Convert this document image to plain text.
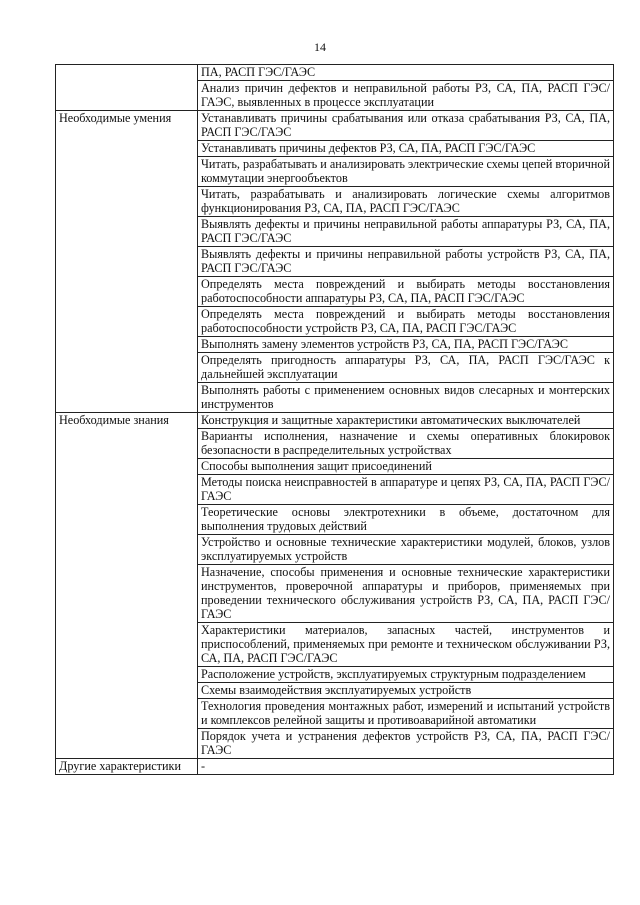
14
	ПА, РАСП ГЭС/ГАЭС
	Анализ причин дефектов и неправильной работы РЗ, СА, ПА, РАСП ГЭС/ГАЭС, выявленных в процессе эксплуатации
Необходимые умения	Устанавливать причины срабатывания или отказа срабатывания РЗ, СА, ПА, РАСП ГЭС/ГАЭС
	Устанавливать причины дефектов РЗ, СА, ПА, РАСП ГЭС/ГАЭС
	Читать, разрабатывать и анализировать электрические схемы цепей вторичной коммутации энергообъектов
	Читать, разрабатывать и анализировать логические схемы алгоритмов функционирования РЗ, СА, ПА, РАСП ГЭС/ГАЭС
	Выявлять дефекты и причины неправильной работы аппаратуры РЗ, СА, ПА, РАСП ГЭС/ГАЭС
	Выявлять дефекты и причины неправильной работы устройств РЗ, СА, ПА, РАСП ГЭС/ГАЭС
	Определять места повреждений и выбирать методы восстановления работоспособности аппаратуры РЗ, СА, ПА, РАСП ГЭС/ГАЭС
	Определять места повреждений и выбирать методы восстановления работоспособности устройств РЗ, СА, ПА, РАСП ГЭС/ГАЭС
	Выполнять замену элементов устройств РЗ, СА, ПА, РАСП ГЭС/ГАЭС
	Определять пригодность аппаратуры РЗ, СА, ПА, РАСП ГЭС/ГАЭС к дальнейшей эксплуатации
	Выполнять работы с применением основных видов слесарных и монтерских инструментов
Необходимые знания	Конструкция и защитные характеристики автоматических выключателей
	Варианты исполнения, назначение и схемы оперативных блокировок безопасности в распределительных устройствах
	Способы выполнения защит присоединений
	Методы поиска неисправностей в аппаратуре и цепях РЗ, СА, ПА, РАСП ГЭС/ГАЭС
	Теоретические основы электротехники в объеме, достаточном для выполнения трудовых действий
	Устройство и основные технические характеристики модулей, блоков, узлов эксплуатируемых устройств
	Назначение, способы применения и основные технические характеристики инструментов, проверочной аппаратуры и приборов, применяемых при проведении технического обслуживания устройств РЗ, СА, ПА, РАСП ГЭС/ГАЭС
	Характеристики материалов, запасных частей, инструментов и приспособлений, применяемых при ремонте и техническом обслуживании РЗ, СА, ПА, РАСП ГЭС/ГАЭС
	Расположение устройств, эксплуатируемых структурным подразделением
	Схемы взаимодействия эксплуатируемых устройств
	Технология проведения монтажных работ, измерений и испытаний устройств и комплексов релейной защиты и противоаварийной автоматики
	Порядок учета и устранения дефектов устройств РЗ, СА, ПА, РАСП ГЭС/ГАЭС
Другие характеристики	-
